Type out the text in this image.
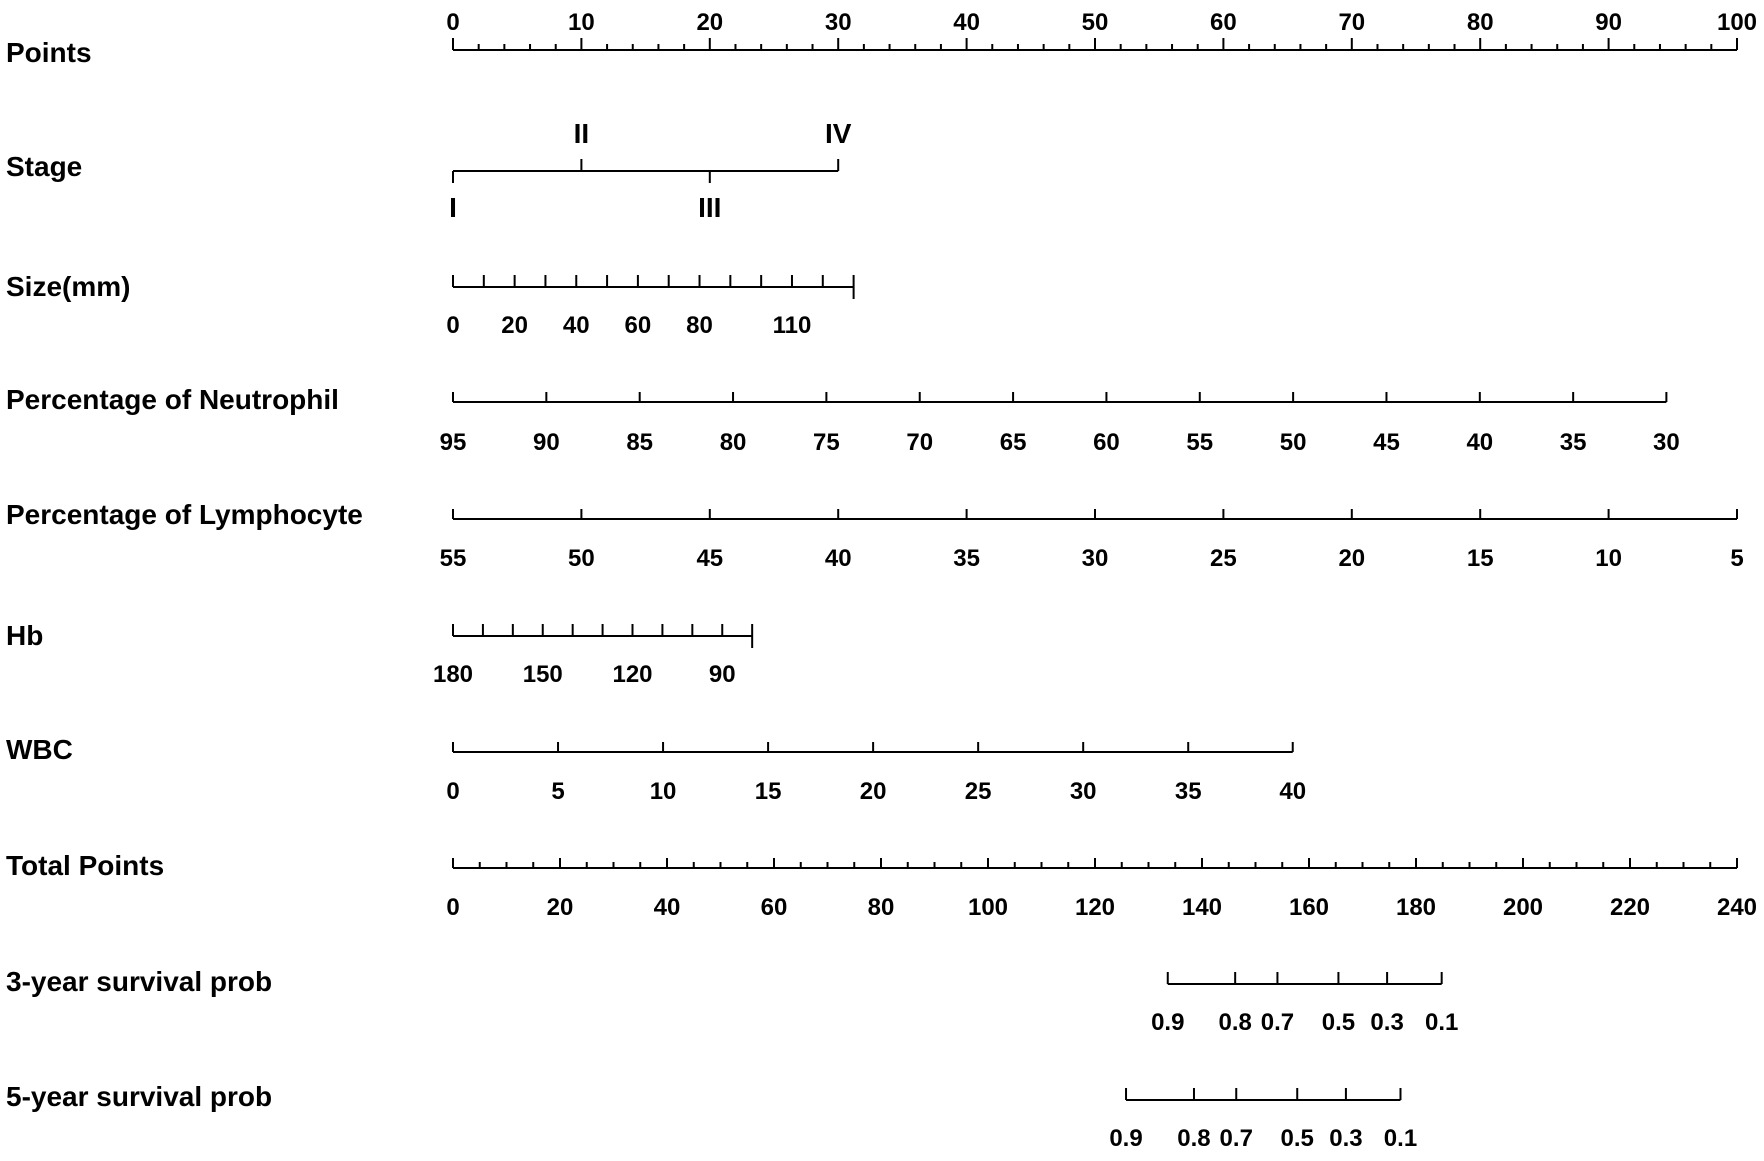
Points
0	10	20	30	40	50	60	70	80	90	100
Stage
I
II
III
IV
Size(mm)
0 20 40 60 80 110
Percentage of Neutrophil
95	90	85	80	75	70	65	60	55	50	45	40	35	30
Percentage of Lymphocyte
55	50	45	40	35	30	25	20	15	10	5
Hb
180 150 120 90
WBC
0	5	10	15	20	25	30	35	40
Total Points
0	20	40	60	80	100	120	140	160	180	200	220	240
3-year survival prob
0.9 0.8 0.7 0.5 0.3 0.1
5-year survival prob
0.9 0.8 0.7 0.5 0.3 0.1
